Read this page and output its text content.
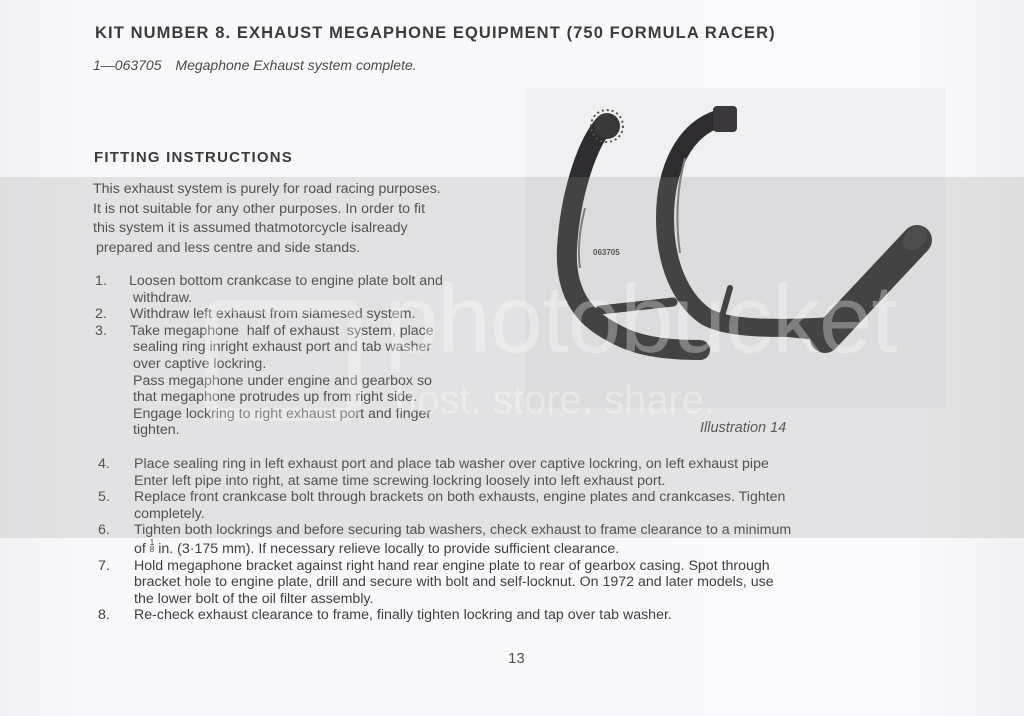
KIT NUMBER 8. EXHAUST MEGAPHONE EQUIPMENT (750 FORMULA RACER)
1—063705 Megaphone Exhaust system complete.
FITTING INSTRUCTIONS
This exhaust system is purely for road racing purposes.
It is not suitable for any other purposes. In order to fit
this system it is assumed thatmotorcycle isalready
prepared and less centre and side stands.
1. Loosen bottom crankcase to engine plate bolt and
withdraw.
2. Withdraw left exhaust from siamesed system.
3. Take megaphone  half of exhaust  system, place
sealing ring inright exhaust port and tab washer
over captive lockring.
Pass megaphone under engine and gearbox so
that megaphone protrudes up from right side.
Engage lockring to right exhaust port and finger
tighten.
4. Place sealing ring in left exhaust port and place tab washer over captive lockring, on left exhaust pipe
Enter left pipe into right, at same time screwing lockring loosely into left exhaust port.
5. Replace front crankcase bolt through brackets on both exhausts, engine plates and crankcases. Tighten
completely.
6. Tighten both lockrings and before securing tab washers, check exhaust to frame clearance to a minimum
of 1
8 in. (3·175 mm). If necessary relieve locally to provide sufficient clearance.
7. Hold megaphone bracket against right hand rear engine plate to rear of gearbox casing. Spot through
bracket hole to engine plate, drill and secure with bolt and self-locknut. On 1972 and later models, use
the lower bolt of the oil filter assembly.
8. Re-check exhaust clearance to frame, finally tighten lockring and tap over tab washer.
063705
Illustration 14
13
photobucket
host. store. share.
